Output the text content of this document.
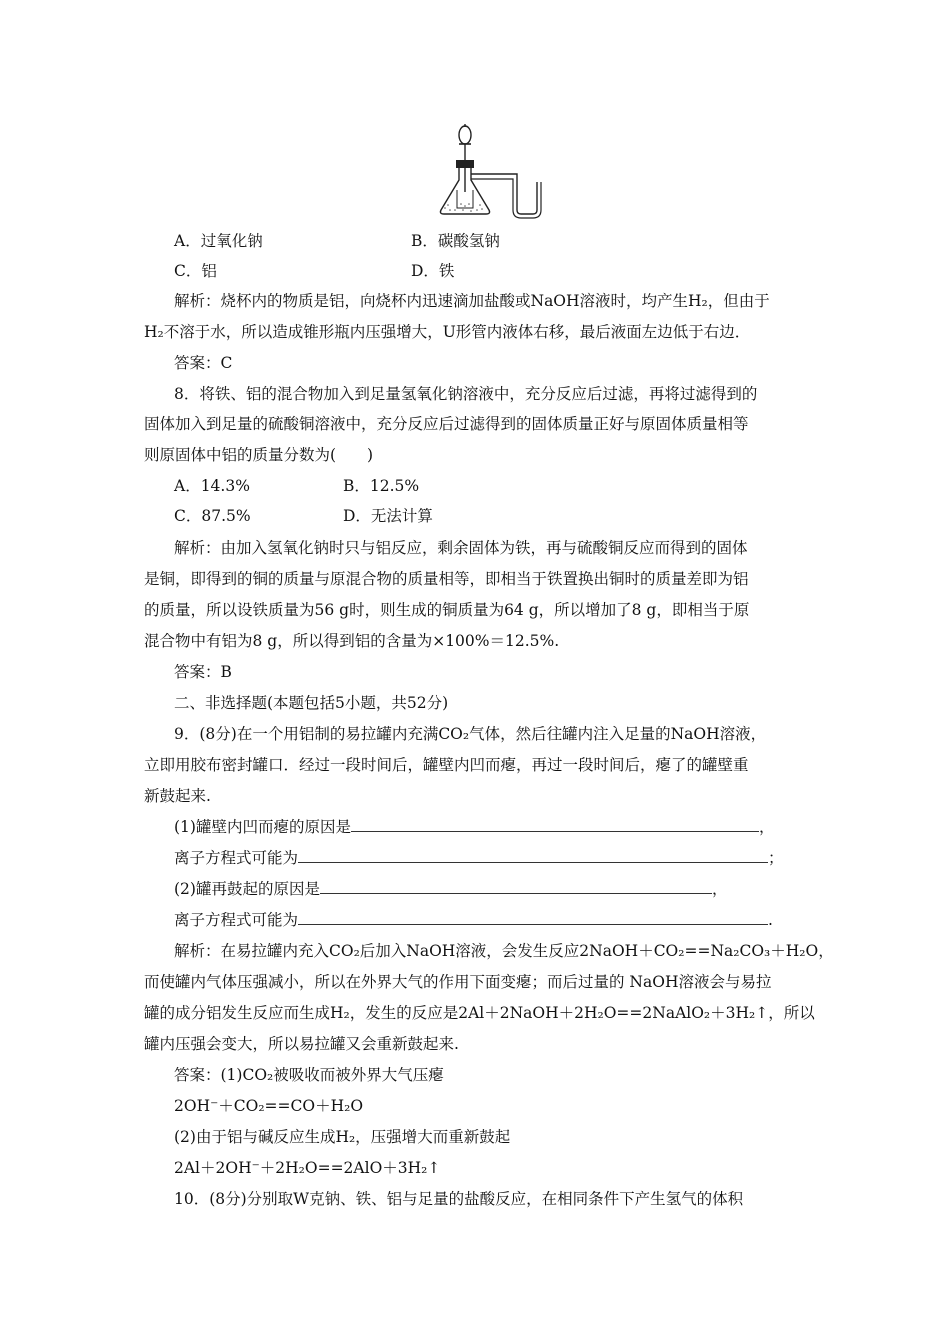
A．过氧化钠	B．碳酸氢钠
C．铝	D．铁
解析：烧杯内的物质是铝，向烧杯内迅速滴加盐酸或NaOH溶液时，均产生H₂，但由于
H₂不溶于水，所以造成锥形瓶内压强增大，U形管内液体右移，最后液面左边低于右边．
答案：C
8．将铁、铝的混合物加入到足量氢氧化钠溶液中，充分反应后过滤，再将过滤得到的
固体加入到足量的硫酸铜溶液中，充分反应后过滤得到的固体质量正好与原固体质量相等
则原固体中铝的质量分数为(　　)
A．14.3%	B．12.5%
C．87.5%	D．无法计算
解析：由加入氢氧化钠时只与铝反应，剩余固体为铁，再与硫酸铜反应而得到的固体
是铜，即得到的铜的质量与原混合物的质量相等，即相当于铁置换出铜时的质量差即为铝
的质量，所以设铁质量为56 g时，则生成的铜质量为64 g，所以增加了8 g，即相当于原
混合物中有铝为8 g，所以得到铝的含量为×100%＝12.5%.
答案：B
二、非选择题(本题包括5小题，共52分)
9．(8分)在一个用铝制的易拉罐内充满CO₂气体，然后往罐内注入足量的NaOH溶液，
立即用胶布密封罐口．经过一段时间后，罐壁内凹而瘪，再过一段时间后，瘪了的罐壁重
新鼓起来.
(1)罐壁内凹而瘪的原因是	，
离子方程式可能为	；
(2)罐再鼓起的原因是	，
离子方程式可能为	.
解析：在易拉罐内充入CO₂后加入NaOH溶液，会发生反应2NaOH＋CO₂==Na₂CO₃＋H₂O，
而使罐内气体压强减小，所以在外界大气的作用下面变瘪；而后过量的 NaOH溶液会与易拉
罐的成分铝发生反应而生成H₂，发生的反应是2Al＋2NaOH＋2H₂O==2NaAlO₂＋3H₂↑，所以
罐内压强会变大，所以易拉罐又会重新鼓起来.
答案：(1)CO₂被吸收而被外界大气压瘪
2OH⁻＋CO₂==CO＋H₂O
(2)由于铝与碱反应生成H₂，压强增大而重新鼓起
2Al＋2OH⁻＋2H₂O==2AlO＋3H₂↑
10．(8分)分别取W克钠、铁、铝与足量的盐酸反应，在相同条件下产生氢气的体积
